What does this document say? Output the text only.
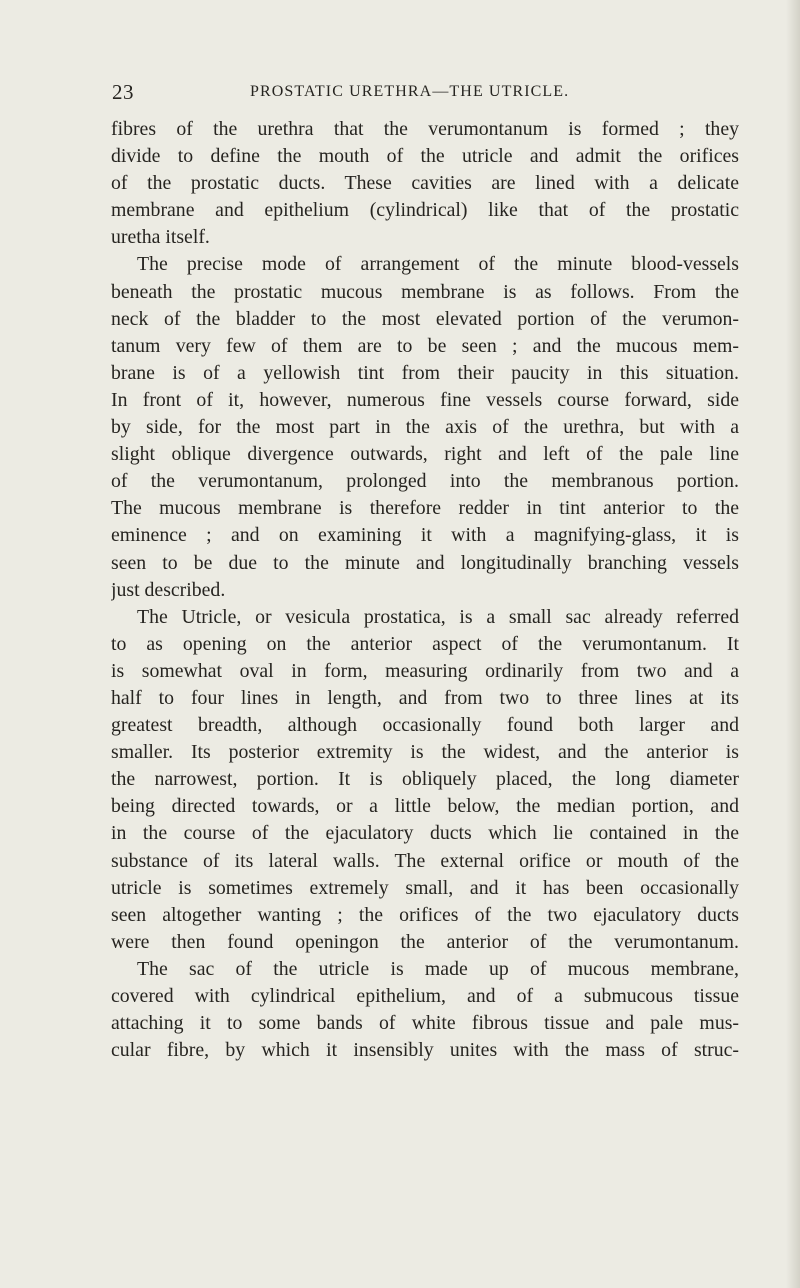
23	PROSTATIC URETHRA—THE UTRICLE.
fibres of the urethra that the verumontanum is formed ; they
divide to define the mouth of the utricle and admit the orifices
of the prostatic ducts. These cavities are lined with a delicate
membrane and epithelium (cylindrical) like that of the prostatic
uretha itself.
The precise mode of arrangement of the minute blood-vessels
beneath the prostatic mucous membrane is as follows. From the
neck of the bladder to the most elevated portion of the verumon-
tanum very few of them are to be seen ; and the mucous mem-
brane is of a yellowish tint from their paucity in this situation.
In front of it, however, numerous fine vessels course forward, side
by side, for the most part in the axis of the urethra, but with a
slight oblique divergence outwards, right and left of the pale line
of the verumontanum, prolonged into the membranous portion.
The mucous membrane is therefore redder in tint anterior to the
eminence ; and on examining it with a magnifying-glass, it is
seen to be due to the minute and longitudinally branching vessels
just described.
The Utricle, or vesicula prostatica, is a small sac already referred
to as opening on the anterior aspect of the verumontanum. It
is somewhat oval in form, measuring ordinarily from two and a
half to four lines in length, and from two to three lines at its
greatest breadth, although occasionally found both larger and
smaller. Its posterior extremity is the widest, and the anterior is
the narrowest, portion. It is obliquely placed, the long diameter
being directed towards, or a little below, the median portion, and
in the course of the ejaculatory ducts which lie contained in the
substance of its lateral walls. The external orifice or mouth of the
utricle is sometimes extremely small, and it has been occasionally
seen altogether wanting ; the orifices of the two ejaculatory ducts
were then found openingon the anterior of the verumontanum.
The sac of the utricle is made up of mucous membrane,
covered with cylindrical epithelium, and of a submucous tissue
attaching it to some bands of white fibrous tissue and pale mus-
cular fibre, by which it insensibly unites with the mass of struc-
